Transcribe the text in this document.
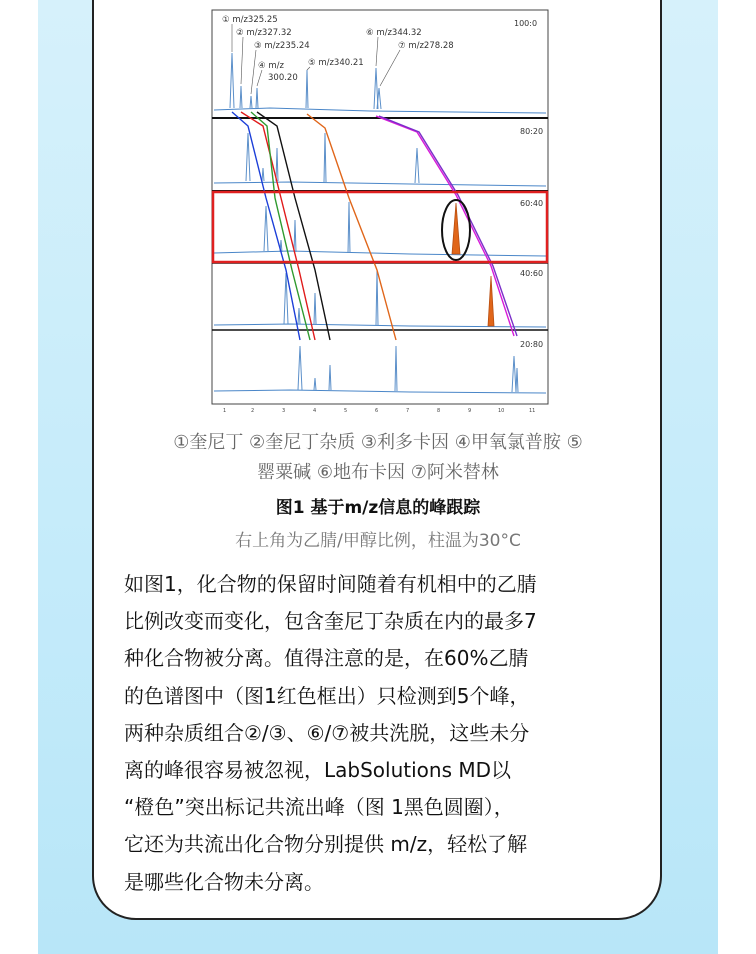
① m/z325.25
② m/z327.32
③ m/z235.24
④ m/z
300.20
⑤ m/z340.21
⑥ m/z344.32
⑦ m/z278.28
100:0
80:20
60:40
40:60
20:80
1	2	3	4	5	6	7	8	9	10	11
①奎尼丁 ②奎尼丁杂质 ③利多卡因 ④甲氧氯普胺 ⑤
罂粟碱 ⑥地布卡因 ⑦阿米替林
图1 基于m/z信息的峰跟踪
右上角为乙腈/甲醇比例，柱温为30°C
如图1，化合物的保留时间随着有机相中的乙腈
比例改变而变化，包含奎尼丁杂质在内的最多7
种化合物被分离。值得注意的是，在60%乙腈
的色谱图中（图1红色框出）只检测到5个峰，
两种杂质组合②/③、⑥/⑦被共洗脱，这些未分
离的峰很容易被忽视，LabSolutions MD以
“橙色”突出标记共流出峰（图 1黑色圆圈），
它还为共流出化合物分别提供 m/z，轻松了解
是哪些化合物未分离。
